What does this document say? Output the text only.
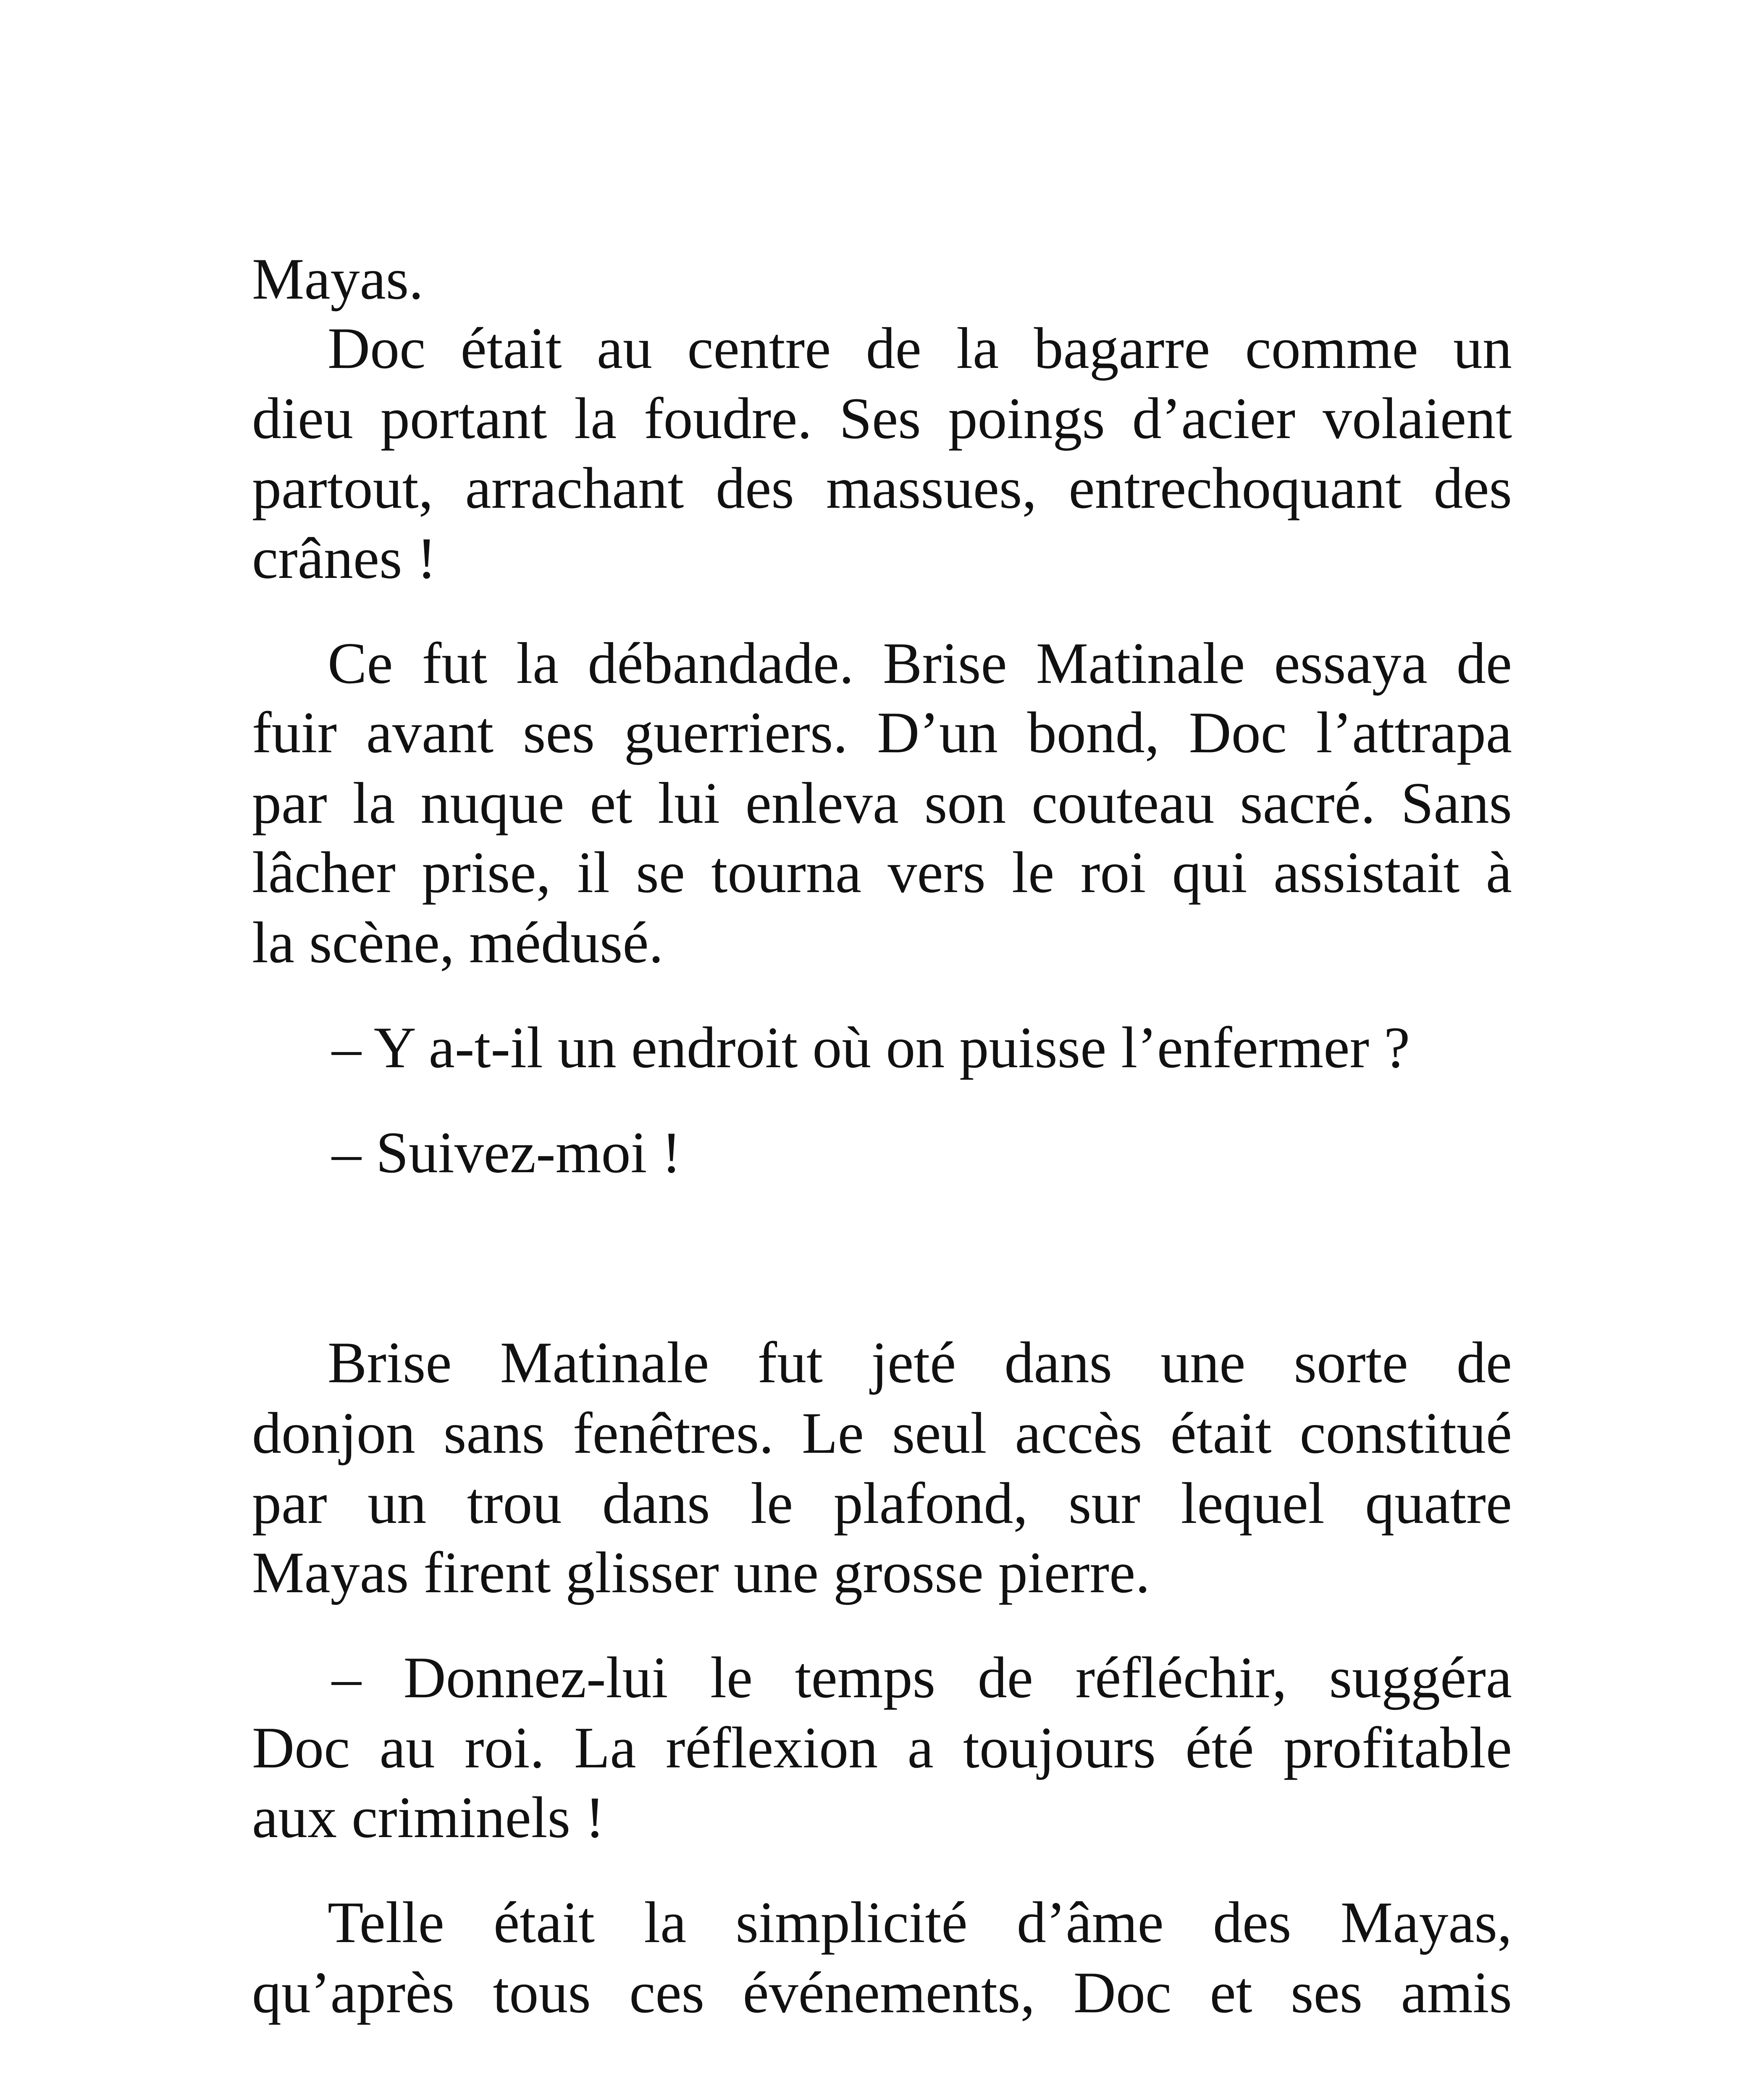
Mayas.
Doc était au centre de la bagarre comme un
dieu portant la foudre. Ses poings d’acier volaient
partout, arrachant des massues, entrechoquant des
crânes !
Ce fut la débandade. Brise Matinale essaya de
fuir avant ses guerriers. D’un bond, Doc l’attrapa
par la nuque et lui enleva son couteau sacré. Sans
lâcher prise, il se tourna vers le roi qui assistait à
la scène, médusé.
– Y a-t-il un endroit où on puisse l’enfermer ?
– Suivez-moi !
Brise Matinale fut jeté dans une sorte de
donjon sans fenêtres. Le seul accès était constitué
par un trou dans le plafond, sur lequel quatre
Mayas firent glisser une grosse pierre.
– Donnez-lui le temps de réfléchir, suggéra
Doc au roi. La réflexion a toujours été profitable
aux criminels !
Telle était la simplicité d’âme des Mayas,
qu’après tous ces événements, Doc et ses amis
